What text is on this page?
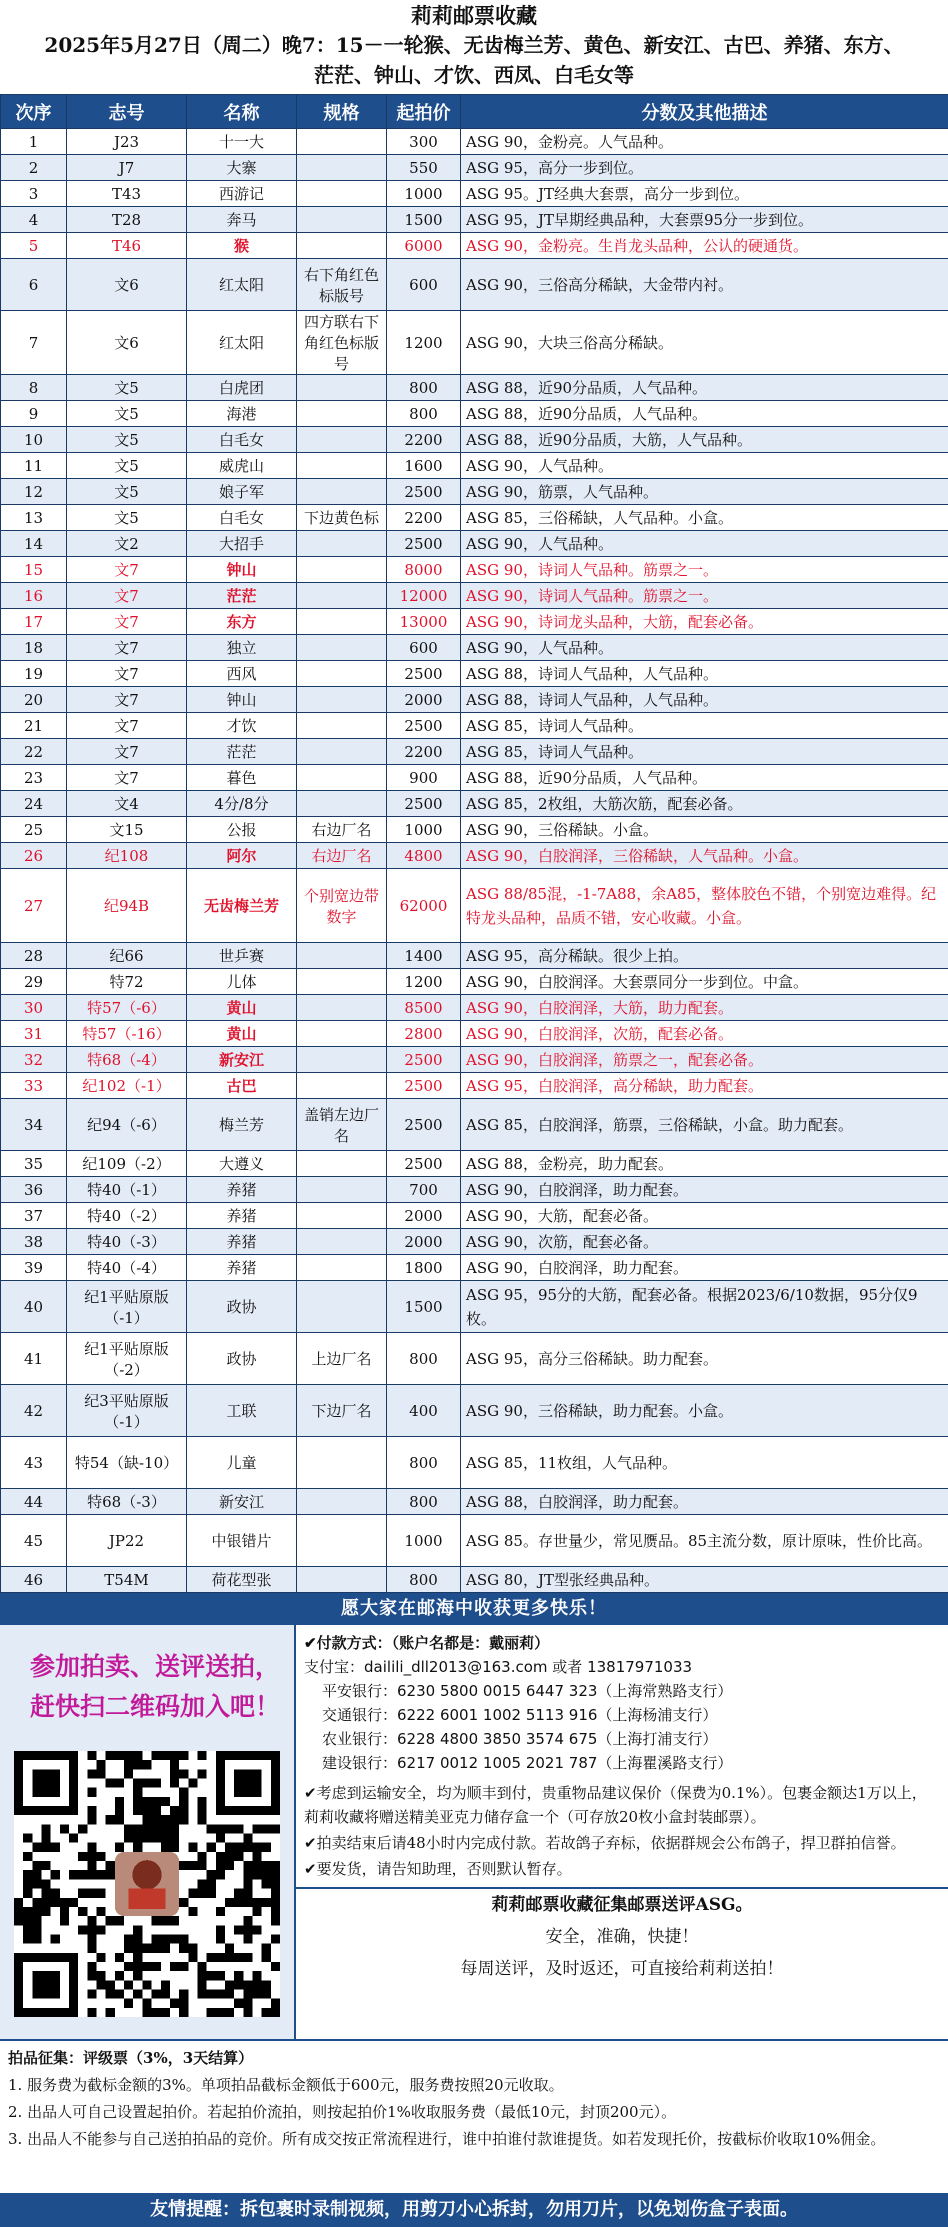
莉莉邮票收藏
2025年5月27日（周二）晚7：15－一轮猴、无齿梅兰芳、黄色、新安江、古巴、养猪、东方、
茫茫、钟山、才饮、西凤、白毛女等
次序	志号	名称	规格	起拍价	分数及其他描述
1	J23	十一大		300	ASG 90，金粉亮。人气品种。
2	J7	大寨		550	ASG 95，高分一步到位。
3	T43	西游记		1000	ASG 95。JT经典大套票，高分一步到位。
4	T28	奔马		1500	ASG 95，JT早期经典品种，大套票95分一步到位。
5	T46	猴		6000	ASG 90，金粉亮。生肖龙头品种，公认的硬通货。
6	文6	红太阳	右下角红色标版号	600	ASG 90，三俗高分稀缺，大金带内衬。
7	文6	红太阳	四方联右下角红色标版号	1200	ASG 90，大块三俗高分稀缺。
8	文5	白虎团		800	ASG 88，近90分品质，人气品种。
9	文5	海港		800	ASG 88，近90分品质，人气品种。
10	文5	白毛女		2200	ASG 88，近90分品质，大筋，人气品种。
11	文5	威虎山		1600	ASG 90，人气品种。
12	文5	娘子军		2500	ASG 90，筋票，人气品种。
13	文5	白毛女	下边黄色标	2200	ASG 85，三俗稀缺，人气品种。小盒。
14	文2	大招手		2500	ASG 90，人气品种。
15	文7	钟山		8000	ASG 90，诗词人气品种。筋票之一。
16	文7	茫茫		12000	ASG 90，诗词人气品种。筋票之一。
17	文7	东方		13000	ASG 90，诗词龙头品种，大筋，配套必备。
18	文7	独立		600	ASG 90，人气品种。
19	文7	西风		2500	ASG 88，诗词人气品种，人气品种。
20	文7	钟山		2000	ASG 88，诗词人气品种，人气品种。
21	文7	才饮		2500	ASG 85，诗词人气品种。
22	文7	茫茫		2200	ASG 85，诗词人气品种。
23	文7	暮色		900	ASG 88，近90分品质，人气品种。
24	文4	4分/8分		2500	ASG 85，2枚组，大筋次筋，配套必备。
25	文15	公报	右边厂名	1000	ASG 90，三俗稀缺。小盒。
26	纪108	阿尔	右边厂名	4800	ASG 90，白胶润泽，三俗稀缺，人气品种。小盒。
27	纪94B	无齿梅兰芳	个别宽边带数字	62000	ASG 88/85混，-1-7A88，余A85，整体胶色不错，个别宽边难得。纪特龙头品种，品质不错，安心收藏。小盒。
28	纪66	世乒赛		1400	ASG 95，高分稀缺。很少上拍。
29	特72	儿体		1200	ASG 90，白胶润泽。大套票同分一步到位。中盒。
30	特57（-6）	黄山		8500	ASG 90，白胶润泽，大筋，助力配套。
31	特57（-16）	黄山		2800	ASG 90，白胶润泽，次筋，配套必备。
32	特68（-4）	新安江		2500	ASG 90，白胶润泽，筋票之一，配套必备。
33	纪102（-1）	古巴		2500	ASG 95，白胶润泽，高分稀缺，助力配套。
34	纪94（-6）	梅兰芳	盖销左边厂名	2500	ASG 85，白胶润泽，筋票，三俗稀缺，小盒。助力配套。
35	纪109（-2）	大遵义		2500	ASG 88，金粉亮，助力配套。
36	特40（-1）	养猪		700	ASG 90，白胶润泽，助力配套。
37	特40（-2）	养猪		2000	ASG 90，大筋，配套必备。
38	特40（-3）	养猪		2000	ASG 90，次筋，配套必备。
39	特40（-4）	养猪		1800	ASG 90，白胶润泽，助力配套。
40	纪1平贴原版（-1）	政协		1500	ASG 95，95分的大筋，配套必备。根据2023/6/10数据，95分仅9枚。
41	纪1平贴原版（-2）	政协	上边厂名	800	ASG 95，高分三俗稀缺。助力配套。
42	纪3平贴原版（-1）	工联	下边厂名	400	ASG 90，三俗稀缺，助力配套。小盒。
43	特54（缺-10）	儿童		800	ASG 85，11枚组，人气品种。
44	特68（-3）	新安江		800	ASG 88，白胶润泽，助力配套。
45	JP22	中银错片		1000	ASG 85。存世量少，常见赝品。85主流分数，原计原味，性价比高。
46	T54M	荷花型张		800	ASG 80，JT型张经典品种。
愿大家在邮海中收获更多快乐！
参加拍卖、送评送拍，
赶快扫二维码加入吧！
✔付款方式：（账户名都是：戴丽莉）
支付宝：dailili_dll2013@163.com 或者 13817971033
平安银行：6230 5800 0015 6447 323（上海常熟路支行）
交通银行：6222 6001 1002 5113 916（上海杨浦支行）
农业银行：6228 4800 3850 3574 675（上海打浦支行）
建设银行：6217 0012 1005 2021 787（上海瞿溪路支行）

✔考虑到运输安全，均为顺丰到付，贵重物品建议保价（保费为0.1%）。包裹金额达1万以上，莉莉收藏将赠送精美亚克力储存盒一个（可存放20枚小盒封装邮票）。

✔拍卖结束后请48小时内完成付款。若故鸽子弃标，依据群规会公布鸽子，捍卫群拍信誉。

✔要发货，请告知助理，否则默认暂存。

莉莉邮票收藏征集邮票送评ASG。
安全，准确，快捷！
每周送评，及时返还，可直接给莉莉送拍！
拍品征集：评级票（3%，3天结算）
1. 服务费为截标金额的3%。单项拍品截标金额低于600元，服务费按照20元收取。
2. 出品人可自己设置起拍价。若起拍价流拍，则按起拍价1%收取服务费（最低10元，封顶200元）。
3. 出品人不能参与自己送拍拍品的竞价。所有成交按正常流程进行，谁中拍谁付款谁提货。如若发现托价，按截标价收取10%佣金。
友情提醒：拆包裹时录制视频，用剪刀小心拆封，勿用刀片，以免划伤盒子表面。
